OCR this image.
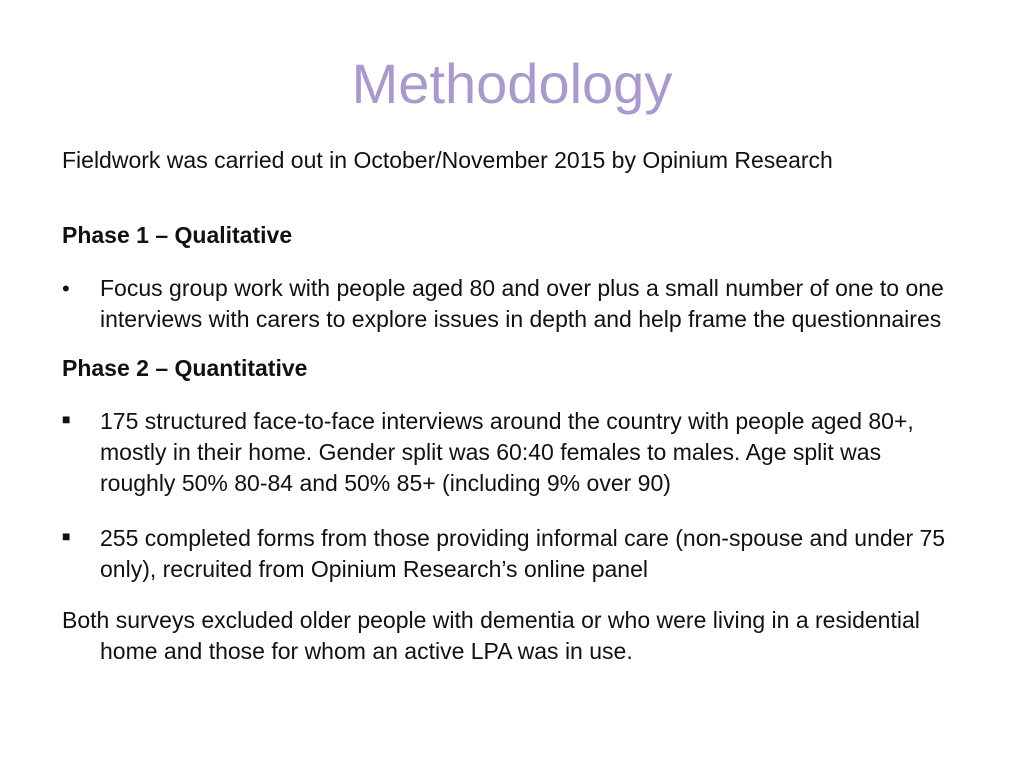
Methodology

Fieldwork was carried out in October/November 2015 by Opinium Research

Phase 1 – Qualitative

•	Focus group work with people aged 80 and over plus a small number of one to one interviews with carers to explore issues in depth and help frame the questionnaires

Phase 2 – Quantitative

■	175 structured face-to-face interviews around the country with people aged 80+, mostly in their home. Gender split was 60:40 females to males. Age split was roughly 50% 80-84 and 50% 85+ (including 9% over 90)
■	255 completed forms from those providing informal care (non-spouse and under 75 only), recruited from Opinium Research’s online panel

Both surveys excluded older people with dementia or who were living in a residential home and those for whom an active LPA was in use.
